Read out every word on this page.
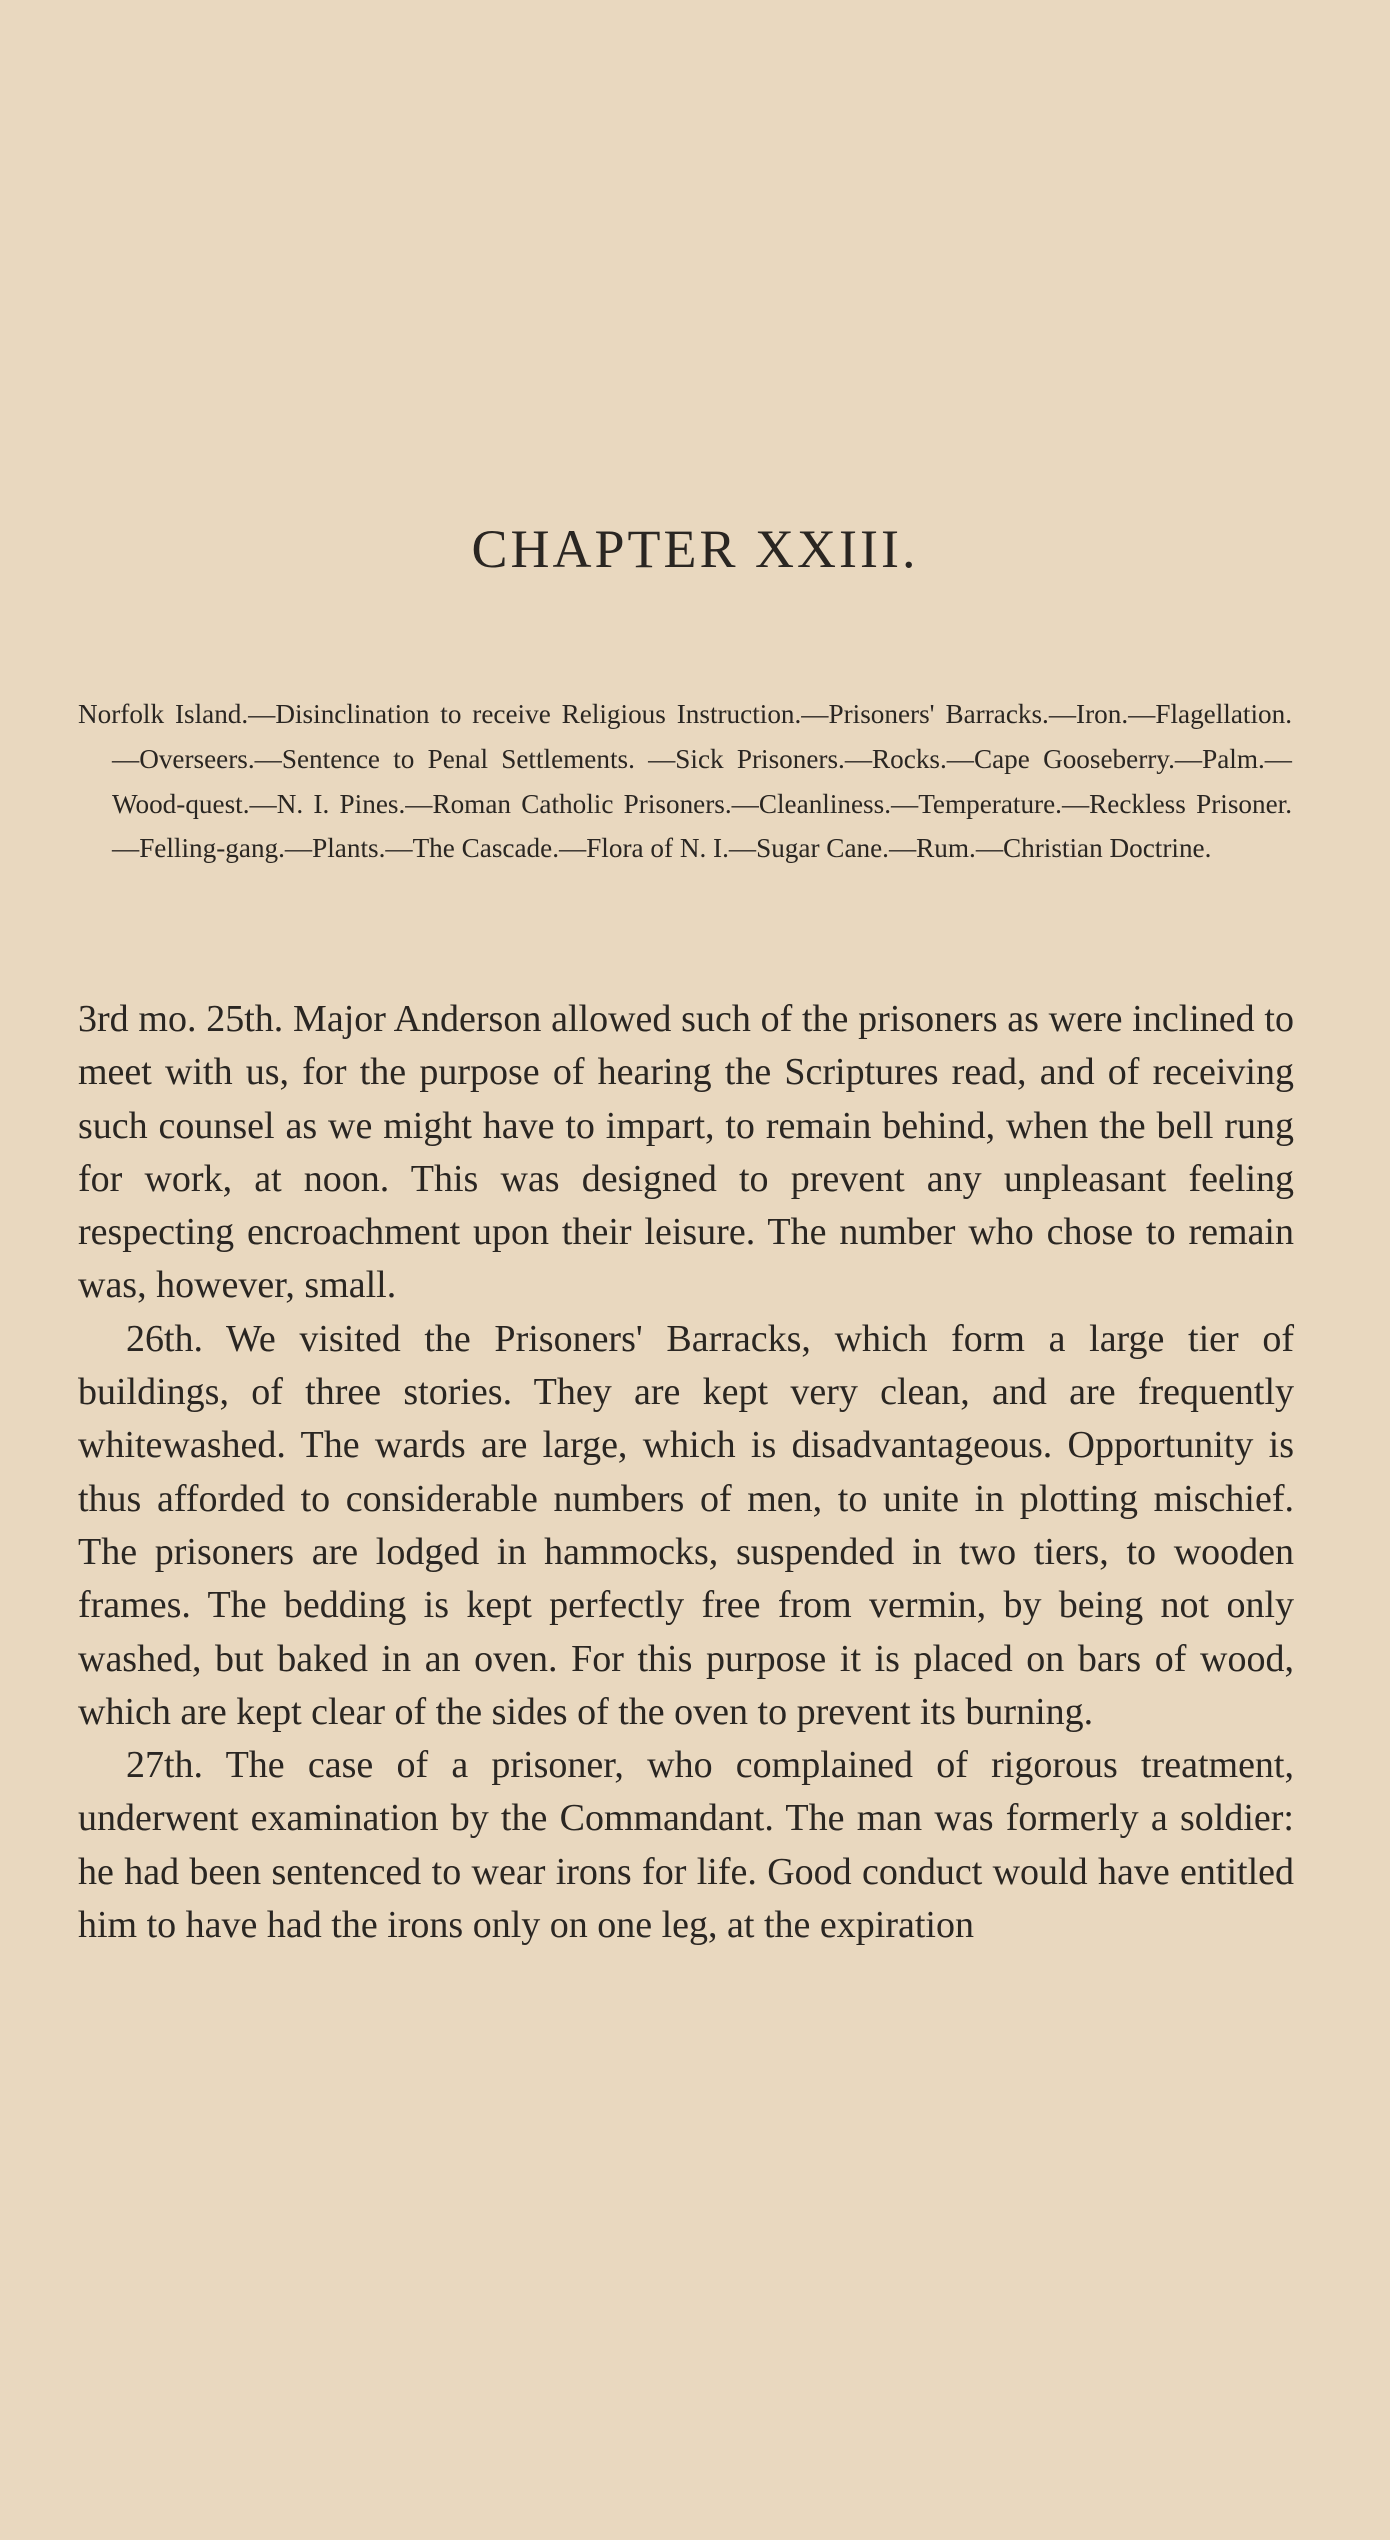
CHAPTER XXIII.

Norfolk Island.—Disinclination to receive Religious Instruction.—Prisoners' Barracks.—Iron.—Flagellation.—Overseers.—Sentence to Penal Settlements. —Sick Prisoners.—Rocks.—Cape Gooseberry.—Palm.—Wood-quest.—N. I. Pines.—Roman Catholic Prisoners.—Cleanliness.—Temperature.—Reckless Prisoner.—Felling-gang.—Plants.—The Cascade.—Flora of N. I.—Sugar Cane.—Rum.—Christian Doctrine.

3rd mo. 25th. Major Anderson allowed such of the prisoners as were inclined to meet with us, for the purpose of hearing the Scriptures read, and of receiving such counsel as we might have to impart, to remain behind, when the bell rung for work, at noon. This was designed to prevent any unpleasant feeling respecting encroachment upon their leisure. The number who chose to remain was, however, small.

26th. We visited the Prisoners' Barracks, which form a large tier of buildings, of three stories. They are kept very clean, and are frequently whitewashed. The wards are large, which is disadvantageous. Opportunity is thus afforded to considerable numbers of men, to unite in plotting mischief. The prisoners are lodged in hammocks, suspended in two tiers, to wooden frames. The bedding is kept perfectly free from vermin, by being not only washed, but baked in an oven. For this purpose it is placed on bars of wood, which are kept clear of the sides of the oven to prevent its burning.

27th. The case of a prisoner, who complained of rigorous treatment, underwent examination by the Commandant. The man was formerly a soldier: he had been sentenced to wear irons for life. Good conduct would have entitled him to have had the irons only on one leg, at the expiration
